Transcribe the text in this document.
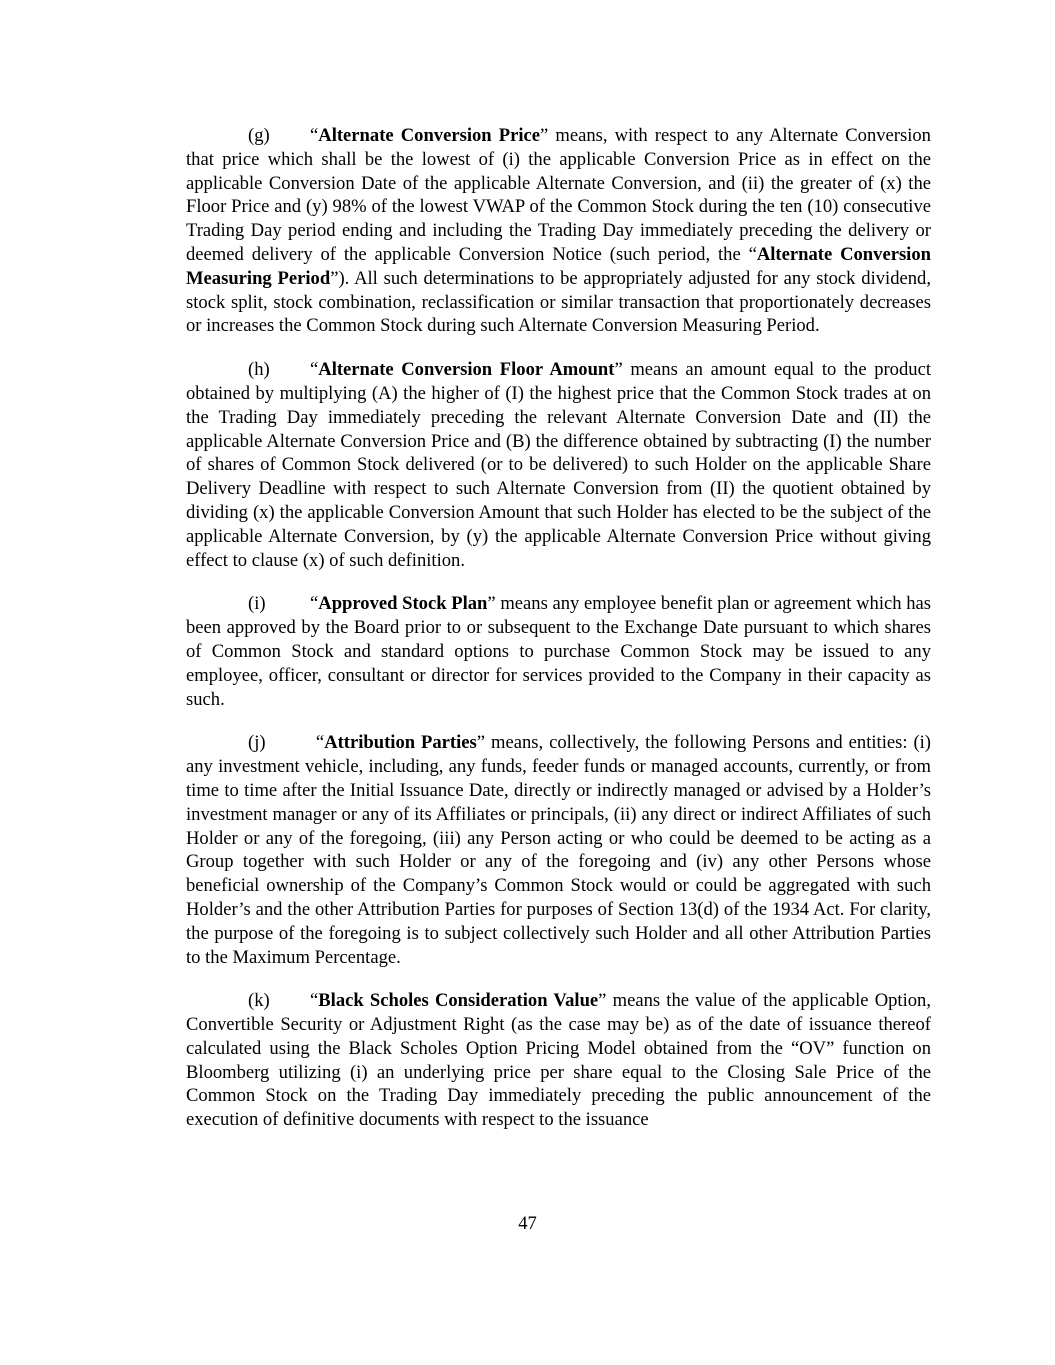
(g) “Alternate Conversion Price” means, with respect to any Alternate Conversion that price which shall be the lowest of (i) the applicable Conversion Price as in effect on the applicable Conversion Date of the applicable Alternate Conversion, and (ii) the greater of (x) the Floor Price and (y) 98% of the lowest VWAP of the Common Stock during the ten (10) consecutive Trading Day period ending and including the Trading Day immediately preceding the delivery or deemed delivery of the applicable Conversion Notice (such period, the “Alternate Conversion Measuring Period”). All such determinations to be appropriately adjusted for any stock dividend, stock split, stock combination, reclassification or similar transaction that proportionately decreases or increases the Common Stock during such Alternate Conversion Measuring Period.

(h) “Alternate Conversion Floor Amount” means an amount equal to the product obtained by multiplying (A) the higher of (I) the highest price that the Common Stock trades at on the Trading Day immediately preceding the relevant Alternate Conversion Date and (II) the applicable Alternate Conversion Price and (B) the difference obtained by subtracting (I) the number of shares of Common Stock delivered (or to be delivered) to such Holder on the applicable Share Delivery Deadline with respect to such Alternate Conversion from (II) the quotient obtained by dividing (x) the applicable Conversion Amount that such Holder has elected to be the subject of the applicable Alternate Conversion, by (y) the applicable Alternate Conversion Price without giving effect to clause (x) of such definition.

(i) “Approved Stock Plan” means any employee benefit plan or agreement which has been approved by the Board prior to or subsequent to the Exchange Date pursuant to which shares of Common Stock and standard options to purchase Common Stock may be issued to any employee, officer, consultant or director for services provided to the Company in their capacity as such.

(j) “Attribution Parties” means, collectively, the following Persons and entities: (i) any investment vehicle, including, any funds, feeder funds or managed accounts, currently, or from time to time after the Initial Issuance Date, directly or indirectly managed or advised by a Holder’s investment manager or any of its Affiliates or principals, (ii) any direct or indirect Affiliates of such Holder or any of the foregoing, (iii) any Person acting or who could be deemed to be acting as a Group together with such Holder or any of the foregoing and (iv) any other Persons whose beneficial ownership of the Company’s Common Stock would or could be aggregated with such Holder’s and the other Attribution Parties for purposes of Section 13(d) of the 1934 Act. For clarity, the purpose of the foregoing is to subject collectively such Holder and all other Attribution Parties to the Maximum Percentage.

(k) “Black Scholes Consideration Value” means the value of the applicable Option, Convertible Security or Adjustment Right (as the case may be) as of the date of issuance thereof calculated using the Black Scholes Option Pricing Model obtained from the “OV” function on Bloomberg utilizing (i) an underlying price per share equal to the Closing Sale Price of the Common Stock on the Trading Day immediately preceding the public announcement of the execution of definitive documents with respect to the issuance

47
